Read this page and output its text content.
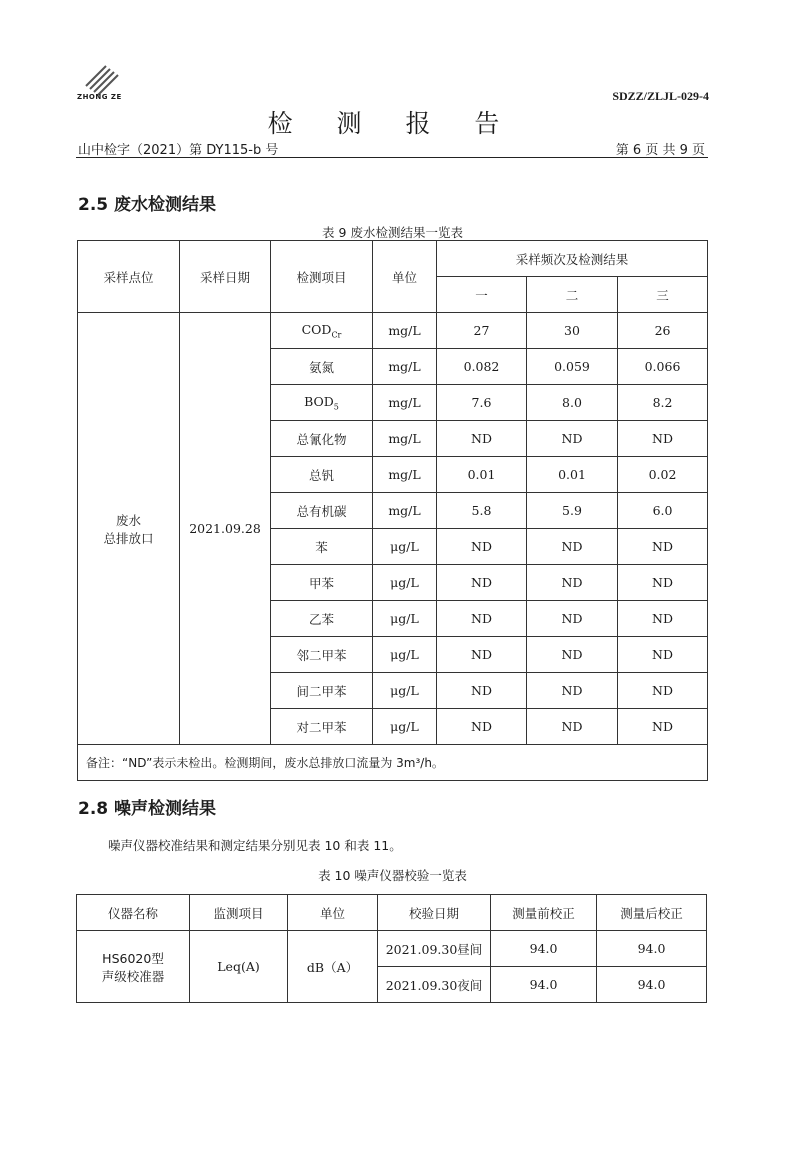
ZHONG ZE	SDZZ/ZLJL-029-4
检 测 报 告
山中检字（2021）第 DY115-b 号	第 6 页 共 9 页
2.5 废水检测结果
表 9 废水检测结果一览表
采样点位	采样日期	检测项目	单位	采样频次及检测结果		
				一	二	三

废水
总排放口	2021.09.28	$COD_{Cr}$	mg/L	27	30	26
		氨氮	mg/L	0.082	0.059	0.066
		$BOD_5$	mg/L	7.6	8.0	8.2
		总氰化物	mg/L	ND	ND	ND
		总钒	mg/L	0.01	0.01	0.02
		总有机碳	mg/L	5.8	5.9	6.0
		苯	μg/L	ND	ND	ND
		甲苯	μg/L	ND	ND	ND
		乙苯	μg/L	ND	ND	ND
		邻二甲苯	μg/L	ND	ND	ND
		间二甲苯	μg/L	ND	ND	ND
		对二甲苯	μg/L	ND	ND	ND
备注：“ND”表示未检出。检测期间，废水总排放口流量为 3m³/h。						
2.8 噪声检测结果
噪声仪器校准结果和测定结果分别见表 10 和表 11。
表 10 噪声仪器校验一览表
仪器名称	监测项目	单位	校验日期	测量前校正	测量后校正

HS6020型
声级校准器	Leq(A)	dB（A）	2021.09.30昼间	94.0	94.0
			2021.09.30夜间	94.0	94.0
